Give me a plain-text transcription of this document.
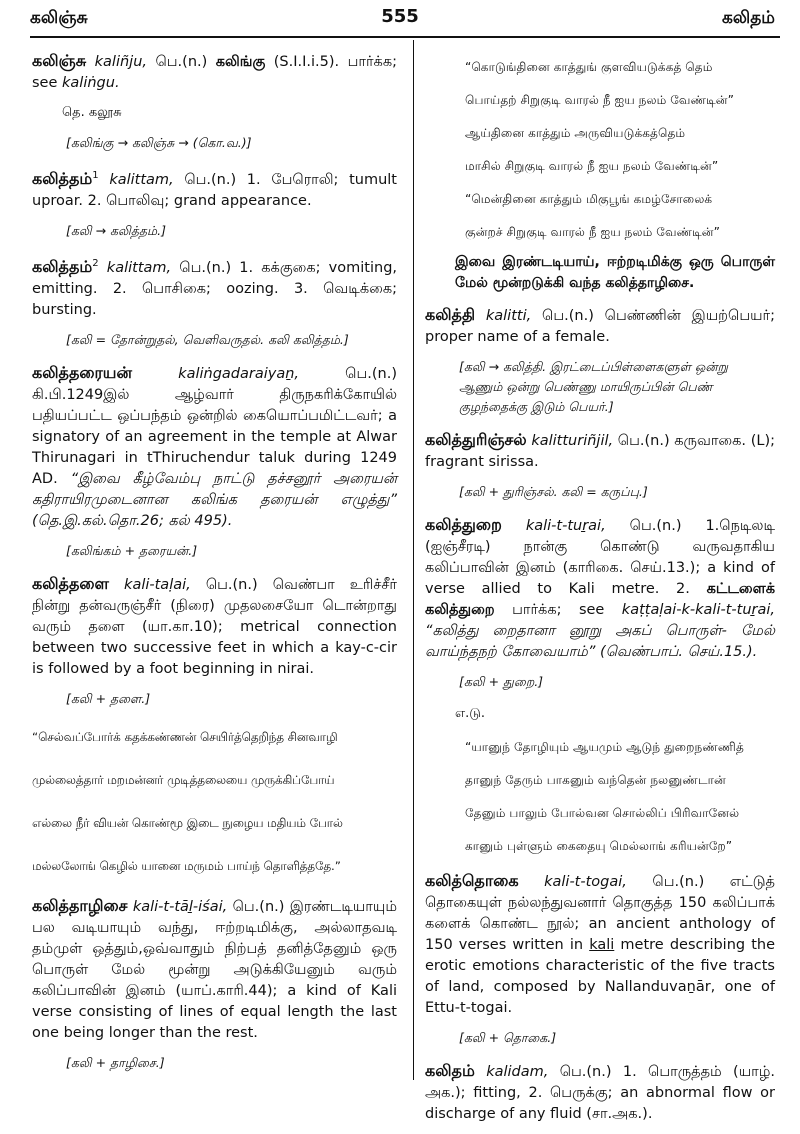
கலிஞ்சு	555	கலிதம்
கலிஞ்சு kaliñju, பெ.(n.) கலிங்கு (S.I.I.i.5). பார்க்க; see kaliṅgu.
தெ. கலூசு
[கலிங்கு → கலிஞ்சு → (கொ.வ.)]
கலித்தம்$^1$ kalittam, பெ.(n.) 1. பேரொலி; tumult uproar. 2. பொலிவு; grand appearance.
[கலி → கலித்தம்.]
கலித்தம்$^2$ kalittam, பெ.(n.) 1. கக்குகை; vomiting, emitting. 2. பொசிகை; oozing. 3. வெடிக்கை; bursting.
[கலி = தோன்றுதல், வெளிவருதல். கலி கலித்தம்.]
கலித்தரையன்	kaliṅgadaraiyaṉ, பெ.(n.) கி.பி.1249இல் ஆழ்வார் திருநகரிக்கோயில் பதியப்பட்ட ஒப்பந்தம் ஒன்றில் கையொப்பமிட்டவர்; a signatory of an agreement in the temple at Alwar Thirunagari in tThiruchendur taluk during 1249 AD. “இவை கீழ்வேம்பு நாட்டு தச்சனூர் அரையன் கதிராயிரமுடைனான கலிங்க தரையன் எழுத்து” (தெ.இ.கல்.தொ.26; கல் 495).
[கலிங்கம் + தரையன்.]
கலித்தளை kali-taḷai, பெ.(n.) வெண்பா உரிச்சீர் நின்று தன்வருஞ்சீர் (நிரை) முதலசையோ டொன்றாது வரும் தளை (யா.கா.10); metrical connection between two successive feet in which a kay-c-cir is followed by a foot beginning in nirai.
[கலி + தளை.]
“செல்வப்போர்க் கதக்கண்ணன் செயிர்த்தெறிந்த சினவாழி
முல்லைத்தார் மறமன்னர் முடித்தலையை முருக்கிப்போய்
எல்லை நீர் வியன் கொண்மூ இடை நுழைய மதியம் போல்
மல்லலோங் கெழில் யானை மருமம் பாய்ந் தொளித்ததே.”
கலித்தாழிசை kali-t-tāḻ-iśai, பெ.(n.) இரண்டடியாயும் பல வடியாயும் வந்து, ஈற்றடிமிக்கு, அல்லாதவடி தம்முள் ஒத்தும்,ஒவ்வாதும் நிற்பத் தனித்தேனும் ஒரு பொருள் மேல் மூன்று அடுக்கியேனும் வரும் கலிப்பாவின் இனம் (யாப்.காரி.44); a kind of Kali verse consisting of lines of equal length the last one being longer than the rest.
[கலி + தாழிசை.]
“கொடுங்தினை காத்துங் குளவியடுக்கத் தெம்
பொய்தற் சிறுகுடி வாரல் நீ ஐய நலம் வேண்டின்”
ஆய்தினை காத்தும் அருவியடுக்கத்தெம்
மாசில் சிறுகுடி வாரல் நீ ஐய நலம் வேண்டின்”
“மென்தினை காத்தும் மிகுபூங் கமழ்சோலைக்
குன்றச் சிறுகுடி வாரல் நீ ஐய நலம் வேண்டின்”
இவை இரண்டடியாய், ஈற்றடிமிக்கு ஒரு பொருள் மேல் மூன்றடுக்கி வந்த கலித்தாழிசை.
கலித்தி kalitti, பெ.(n.) பெண்ணின் இயற்பெயர்; proper name of a female.
[கலி → கலித்தி. இரட்டைப்பிள்ளைகளுள் ஒன்று ஆணும் ஒன்று பெண்ணு மாயிருப்பின் பெண் குழந்தைக்கு இடும் பெயர்.]
கலித்துரிஞ்சல் kalitturiñjil, பெ.(n.) கருவாகை. (L); fragrant sirissa.
[கலி + துரிஞ்சல். கலி = கருப்பு.]
கலித்துறை kali-t-tuṟai, பெ.(n.) 1.நெடிலடி (ஐஞ்சீரடி) நான்கு கொண்டு வருவதாகிய கலிப்பாவின் இனம் (காரிகை. செய்.13.); a kind of verse allied to Kali metre. 2. கட்டளைக் கலித்துறை பார்க்க; see kaṭṭaḷai-k-kali-t-tuṟai, “கலித்து றைதானா னூறு அகப் பொருள்- மேல் வாய்ந்தநற் கோவையாம்” (வெண்பாப். செய்.15.).
[கலி + துறை.]
எ.டு.
“யானுந் தோழியும் ஆயமும் ஆடுந் துறைநண்ணித்
தானுந் தேரும் பாகனும் வந்தென் நலனுண்டான்
தேனும் பாலும் போல்வன சொல்லிப் பிரிவானேல்
கானும் புள்ளும் கைதையு மெல்லாங் கரியன்றே”
கலித்தொகை kali-t-togai, பெ.(n.) எட்டுத் தொகையுள் நல்லந்துவனார் தொகுத்த 150 கலிப்பாக் களைக் கொண்ட நூல்; an ancient anthology of 150 verses written in kali metre describing the erotic emotions characteristic of the five tracts of land, composed by Nallanduvaṉār, one of Ettu-t-togai.
[கலி + தொகை.]
கலிதம் kalidam, பெ.(n.) 1. பொருத்தம் (யாழ். அக.); fitting, 2. பெருக்கு; an abnormal flow or discharge of any fluid (சா.அக.).
